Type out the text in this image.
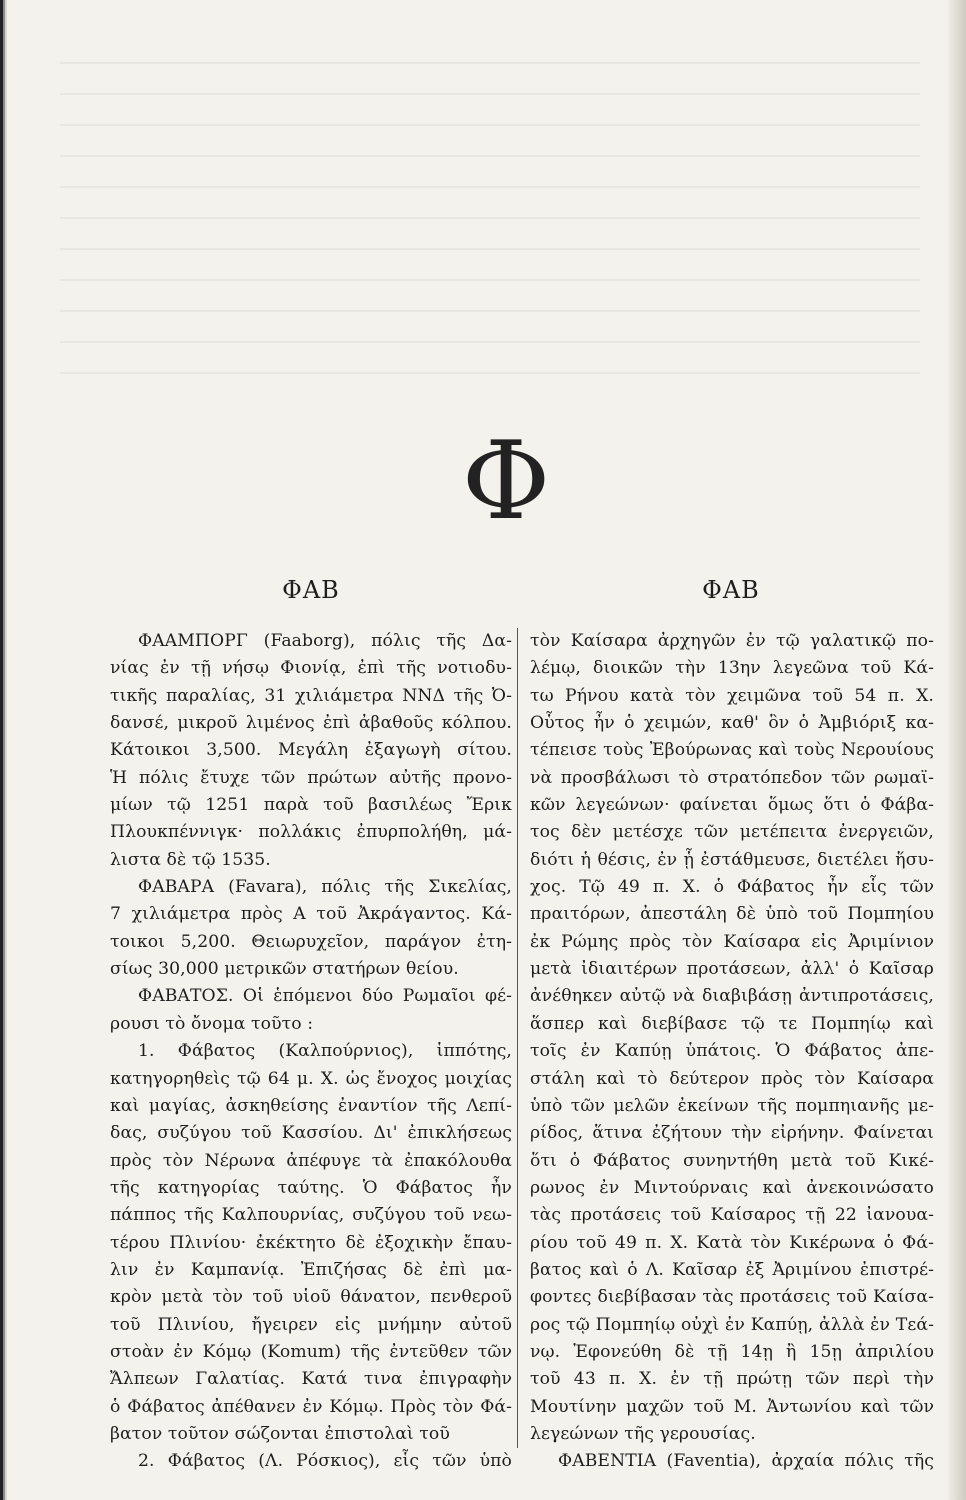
Φ
ΦΑΒ	ΦΑΒ
ΦΑΑΜΠΟΡΓ (Faaborg), πόλις τῆς Δα-
νίας ἐν τῇ νήσῳ Φιονίᾳ, ἐπὶ τῆς νοτιοδυ-
τικῆς παραλίας, 31 χιλιάμετρα ΝΝΔ τῆς Ὀ-
δανσέ, μικροῦ λιμένος ἐπὶ ἀβαθοῦς κόλπου.
Κάτοικοι 3,500. Μεγάλη ἐξαγωγὴ σίτου.
Ἡ πόλις ἔτυχε τῶν πρώτων αὐτῆς προνο-
μίων τῷ 1251 παρὰ τοῦ βασιλέως Ἔρικ
Πλουκπέννιγκ· πολλάκις ἐπυρπολήθη, μά-
λιστα δὲ τῷ 1535.
ΦΑΒΑΡΑ (Favara), πόλις τῆς Σικελίας,
7 χιλιάμετρα πρὸς Α τοῦ Ἀκράγαντος. Κά-
τοικοι 5,200. Θειωρυχεῖον, παράγον ἐτη-
σίως 30,000 μετρικῶν στατήρων θείου.
ΦΑΒΑΤΟΣ. Οἱ ἑπόμενοι δύο Ρωμαῖοι φέ-
ρουσι τὸ ὄνομα τοῦτο :
1. Φάβατος (Καλπούρνιος), ἱππότης,
κατηγορηθεὶς τῷ 64 μ. Χ. ὡς ἔνοχος μοιχίας
καὶ μαγίας, ἀσκηθείσης ἐναντίον τῆς Λεπί-
δας, συζύγου τοῦ Κασσίου. Δι' ἐπικλήσεως
πρὸς τὸν Νέρωνα ἀπέφυγε τὰ ἐπακόλουθα
τῆς κατηγορίας ταύτης. Ὁ Φάβατος ἦν
πάππος τῆς Καλπουρνίας, συζύγου τοῦ νεω-
τέρου Πλινίου· ἐκέκτητο δὲ ἐξοχικὴν ἔπαυ-
λιν ἐν Καμπανίᾳ. Ἐπιζήσας δὲ ἐπὶ μα-
κρὸν μετὰ τὸν τοῦ υἱοῦ θάνατον, πενθεροῦ
τοῦ Πλινίου, ἤγειρεν εἰς μνήμην αὐτοῦ
στοὰν ἐν Κόμῳ (Komum) τῆς ἐντεῦθεν τῶν
Ἄλπεων Γαλατίας. Κατά τινα ἐπιγραφὴν
ὁ Φάβατος ἀπέθανεν ἐν Κόμῳ. Πρὸς τὸν Φά-
βατον τοῦτον σώζονται ἐπιστολαὶ τοῦ
2. Φάβατος (Λ. Ρόσκιος), εἷς τῶν ὑπὸ
τὸν Καίσαρα ἀρχηγῶν ἐν τῷ γαλατικῷ πο-
λέμῳ, διοικῶν τὴν 13ην λεγεῶνα τοῦ Κά-
τω Ρήνου κατὰ τὸν χειμῶνα τοῦ 54 π. Χ.
Οὗτος ἦν ὁ χειμών, καθ' ὃν ὁ Ἀμβιόριξ κα-
τέπεισε τοὺς Ἐβούρωνας καὶ τοὺς Νερουίους
νὰ προσβάλωσι τὸ στρατόπεδον τῶν ρωμαϊ-
κῶν λεγεώνων· φαίνεται ὅμως ὅτι ὁ Φάβα-
τος δὲν μετέσχε τῶν μετέπειτα ἐνεργειῶν,
διότι ἡ θέσις, ἐν ᾗ ἐστάθμευσε, διετέλει ἥσυ-
χος. Τῷ 49 π. Χ. ὁ Φάβατος ἦν εἷς τῶν
πραιτόρων, ἀπεστάλη δὲ ὑπὸ τοῦ Πομπηίου
ἐκ Ρώμης πρὸς τὸν Καίσαρα εἰς Ἀριμίνιον
μετὰ ἰδιαιτέρων προτάσεων, ἀλλ' ὁ Καῖσαρ
ἀνέθηκεν αὐτῷ νὰ διαβιβάσῃ ἀντιπροτάσεις,
ἅσπερ καὶ διεβίβασε τῷ τε Πομπηίῳ καὶ
τοῖς ἐν Καπύῃ ὑπάτοις. Ὁ Φάβατος ἀπε-
στάλη καὶ τὸ δεύτερον πρὸς τὸν Καίσαρα
ὑπὸ τῶν μελῶν ἐκείνων τῆς πομπηιανῆς με-
ρίδος, ἅτινα ἐζήτουν τὴν εἰρήνην. Φαίνεται
ὅτι ὁ Φάβατος συνηντήθη μετὰ τοῦ Κικέ-
ρωνος ἐν Μιντούρναις καὶ ἀνεκοινώσατο
τὰς προτάσεις τοῦ Καίσαρος τῇ 22 ἰανουα-
ρίου τοῦ 49 π. Χ. Κατὰ τὸν Κικέρωνα ὁ Φά-
βατος καὶ ὁ Λ. Καῖσαρ ἐξ Ἀριμίνου ἐπιστρέ-
φοντες διεβίβασαν τὰς προτάσεις τοῦ Καίσα-
ρος τῷ Πομπηίῳ οὐχὶ ἐν Καπύῃ, ἀλλὰ ἐν Τεά-
νῳ. Ἐφονεύθη δὲ τῇ 14ῃ ἢ 15ῃ ἀπριλίου
τοῦ 43 π. Χ. ἐν τῇ πρώτῃ τῶν περὶ τὴν
Μουτίνην μαχῶν τοῦ Μ. Ἀντωνίου καὶ τῶν
λεγεώνων τῆς γερουσίας.
ΦΑΒΕΝΤΙΑ (Faventia), ἀρχαία πόλις τῆς
